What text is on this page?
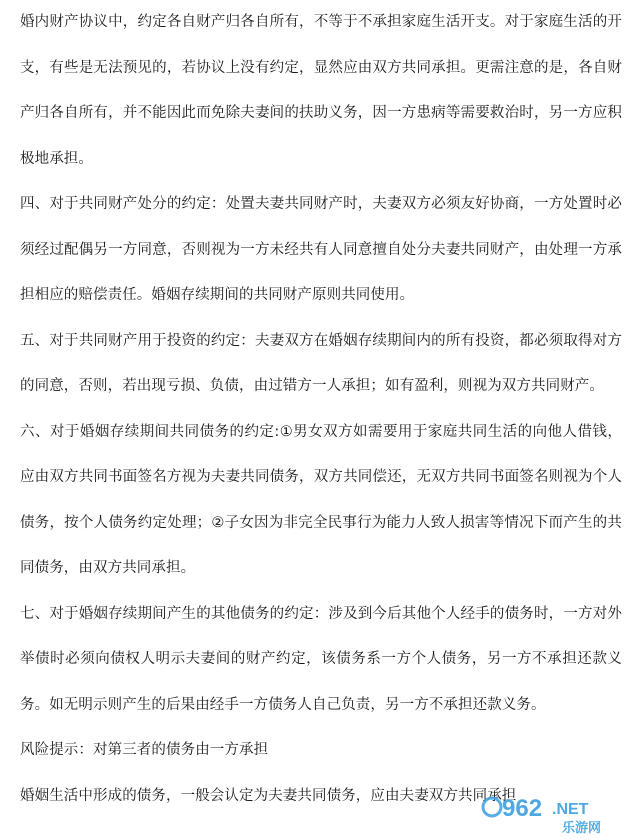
婚内财产协议中，约定各自财产归各自所有，不等于不承担家庭生活开支。对于家庭生活的开支，有些是无法预见的，若协议上没有约定，显然应由双方共同承担。更需注意的是，各自财产归各自所有，并不能因此而免除夫妻间的扶助义务，因一方患病等需要救治时，另一方应积极地承担。

四、对于共同财产处分的约定：处置夫妻共同财产时，夫妻双方必须友好协商，一方处置时必须经过配偶另一方同意，否则视为一方未经共有人同意擅自处分夫妻共同财产，由处理一方承担相应的赔偿责任。婚姻存续期间的共同财产原则共同使用。

五、对于共同财产用于投资的约定：夫妻双方在婚姻存续期间内的所有投资，都必须取得对方的同意，否则，若出现亏损、负债，由过错方一人承担；如有盈利，则视为双方共同财产。

六、对于婚姻存续期间共同债务的约定:①男女双方如需要用于家庭共同生活的向他人借钱，应由双方共同书面签名方视为夫妻共同债务，双方共同偿还，无双方共同书面签名则视为个人债务，按个人债务约定处理；②子女因为非完全民事行为能力人致人损害等情况下而产生的共同债务，由双方共同承担。

七、对于婚姻存续期间产生的其他债务的约定：涉及到今后其他个人经手的债务时，一方对外举债时必须向债权人明示夫妻间的财产约定，该债务系一方个人债务，另一方不承担还款义务。如无明示则产生的后果由经手一方债务人自己负责，另一方不承担还款义务。

风险提示：对第三者的债务由一方承担

婚姻生活中形成的债务，一般会认定为夫妻共同债务，应由夫妻双方共同承担

962 .NET
乐游网
